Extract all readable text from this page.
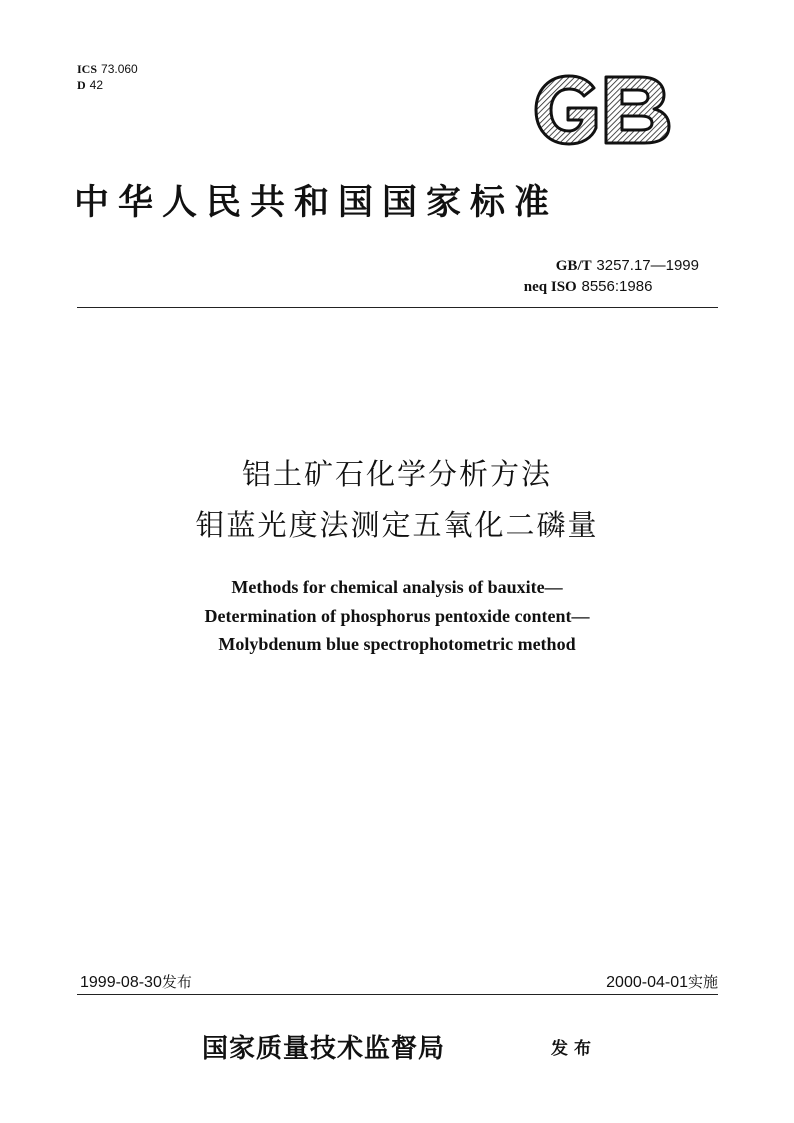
ICS 73.060
D 42
中华人民共和国国家标准
GB/T 3257.17—1999
neq ISO 8556:1986
铝土矿石化学分析方法
钼蓝光度法测定五氧化二磷量
Methods for chemical analysis of bauxite—
Determination of phosphorus pentoxide content—
Molybdenum blue spectrophotometric method
1999-08-30发布	2000-04-01实施
国家质量技术监督局	发布
